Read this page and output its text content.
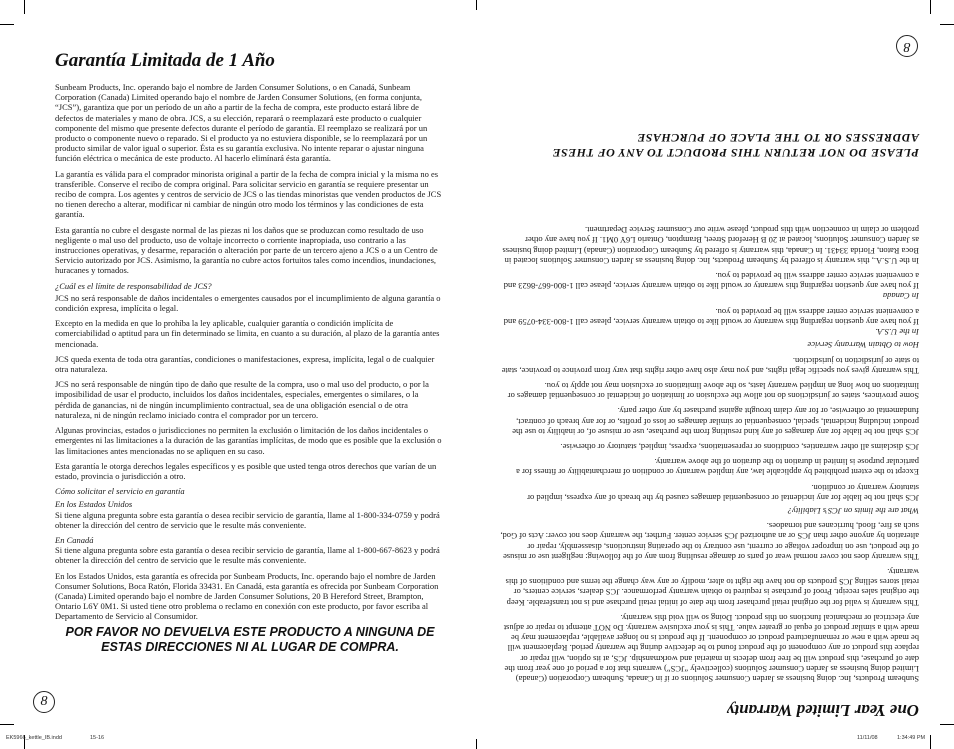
Garantía Limitada de 1 Año

Sunbeam Products, Inc. operando bajo el nombre de Jarden Consumer Solutions, o en Canadá, Sunbeam Corporation (Canada) Limited operando bajo el nombre de Jarden Consumer Solutions, (en forma conjunta, “JCS”), garantiza que por un período de un año a partir de la fecha de compra, este producto estará libre de defectos de materiales y mano de obra. JCS, a su elección, reparará o reemplazará este producto o cualquier componente del mismo que presente defectos durante el período de garantía. El reemplazo se realizará por un producto o componente nuevo o reparado. Si el producto ya no estuviera disponible, se lo reemplazará por un producto similar de valor igual o superior. Ésta es su garantía exclusiva. No intente reparar o ajustar ninguna función eléctrica o mecánica de este producto. Al hacerlo elimínará ésta garantía.

La garantía es válida para el comprador minorista original a partir de la fecha de compra inicial y la misma no es transferible. Conserve el recibo de compra original. Para solicitar servicio en garantía se requiere presentar un recibo de compra. Los agentes y centros de servicio de JCS o las tiendas minoristas que venden productos de JCS no tienen derecho a alterar, modificar ni cambiar de ningún otro modo los términos y las condiciones de esta garantía.

Esta garantía no cubre el desgaste normal de las piezas ni los daños que se produzcan como resultado de uso negligente o mal uso del producto, uso de voltaje incorrecto o corriente inapropiada, uso contrario a las instrucciones operativas, y desarme, reparación o alteración por parte de un tercero ajeno a JCS o a un Centro de Servicio autorizado por JCS. Asimismo, la garantía no cubre actos fortuitos tales como incendios, inundaciones, huracanes y tornados.

¿Cuál es el límite de responsabilidad de JCS?

JCS no será responsable de daños incidentales o emergentes causados por el incumplimiento de alguna garantía o condición expresa, implícita o legal.

Excepto en la medida en que lo prohíba la ley aplicable, cualquier garantía o condición implícita de comerciabilidad o aptitud para un fin determinado se limita, en cuanto a su duración, al plazo de la garantía antes mencionada.

JCS queda exenta de toda otra garantías, condiciones o manifestaciones, expresa, implícita, legal o de cualquier otra naturaleza.

JCS no será responsable de ningún tipo de daño que resulte de la compra, uso o mal uso del producto, o por la imposibilidad de usar el producto, incluidos los daños incidentales, especiales, emergentes o similares, o la pérdida de ganancias, ni de ningún incumplimiento contractual, sea de una obligación esencial o de otra naturaleza, ni de ningún reclamo iniciado contra el comprador por un tercero.

Algunas provincias, estados o jurisdicciones no permiten la exclusión o limitación de los daños incidentales o emergentes ni las limitaciones a la duración de las garantías implícitas, de modo que es posible que la exclusión o las limitaciones antes mencionadas no se apliquen en su caso.

Esta garantía le otorga derechos legales específicos y es posible que usted tenga otros derechos que varían de un estado, provincia o jurisdicción a otro.

Cómo solicitar el servicio en garantía

En los Estados Unidos

Si tiene alguna pregunta sobre esta garantía o desea recibir servicio de garantía, llame al 1-800-334-0759 y podrá obtener la dirección del centro de servicio que le resulte más conveniente.

En Canadá

Si tiene alguna pregunta sobre esta garantía o desea recibir servicio de garantía, llame al 1-800-667-8623 y podrá obtener la dirección del centro de servicio que le resulte más conveniente.

En los Estados Unidos, esta garantía es ofrecida por Sunbeam Products, Inc. operando bajo el nombre de Jarden Consumer Solutions, Boca Ratón, Florida 33431. En Canadá, esta garantía es ofrecida por Sunbeam Corporation (Canada) Limited operando bajo el nombre de Jarden Consumer Solutions, 20 B Hereford Street, Brampton, Ontario L6Y 0M1. Si usted tiene otro problema o reclamo en conexión con este producto, por favor escriba al Departamento de Servicio al Consumidor.

POR FAVOR NO DEVUELVA ESTE PRODUCTO A NINGUNA DE ESTAS DIRECCIONES NI AL LUGAR DE COMPRA.
8
EK5966_kettle_IB.indd	15-16
8
One Year Limited Warranty

Sunbeam Products, Inc. doing business as Jarden Consumer Solutions or if in Canada, Sunbeam Corporation (Canada) Limited doing business as Jarden Consumer Solutions (collectively “JCS”) warrants that for a period of one year from the date of purchase, this product will be free from defects in material and workmanship. JCS, at its option, will repair or replace this product or any component of the product found to be defective during the warranty period. Replacement will be made with a new or remanufactured product or component. If the product is no longer available, replacement may be made with a similar product of equal or greater value. This is your exclusive warranty. Do NOT attempt to repair or adjust any electrical or mechanical functions on this product. Doing so will void this warranty.

This warranty is valid for the original retail purchaser from the date of initial retail purchase and is not transferable. Keep the original sales receipt. Proof of purchase is required to obtain warranty performance. JCS dealers, service centers, or retail stores selling JCS products do not have the right to alter, modify or any way change the terms and conditions of this warranty.

This warranty does not cover normal wear of parts or damage resulting from any of the following: negligent use or misuse of the product, use on improper voltage or current, use contrary to the operating instructions, disassembly, repair or alteration by anyone other than JCS or an authorized JCS service center. Further, the warranty does not cover: Acts of God, such as fire, flood, hurricanes and tornadoes.

What are the limits on JCS’s Liability?

JCS shall not be liable for any incidental or consequential damages caused by the breach of any express, implied or statutory warranty or condition.

Except to the extent prohibited by applicable law, any implied warranty or condition of merchantability or fitness for a particular purpose is limited in duration to the duration of the above warranty.

JCS disclaims all other warranties, conditions or representations, express, implied, statutory or otherwise.

JCS shall not be liable for any damages of any kind resulting from the purchase, use or misuse of, or inability to use the product including incidental, special, consequential or similar damages or loss of profits, or for any breach of contract, fundamental or otherwise, or for any claim brought against purchaser by any other party.

Some provinces, states or jurisdictions do not allow the exclusion or limitation of incidental or consequential damages or limitations on how long an implied warranty lasts, so the above limitations or exclusion may not apply to you.

This warranty gives you specific legal rights, and you may also have other rights that vary from province to province, state to state or jurisdiction to jurisdiction.

How to Obtain Warranty Service

In the U.S.A.

If you have any question regarding this warranty or would like to obtain warranty service, please call 1-800-334-0759 and a convenient service center address will be provided to you.

In Canada

If you have any question regarding this warranty or would like to obtain warranty service, please call 1-800-667-8623 and a convenient service center address will be provided to you.

In the U.S.A., this warranty is offered by Sunbeam Products, Inc. doing business as Jarden Consumer Solutions located in Boca Raton, Florida 33431. In Canada, this warranty is offered by Sunbeam Corporation (Canada) Limited doing business as Jarden Consumer Solutions, located at 20 B Hereford Street, Brampton, Ontario L6Y 0M1. If you have any other problem or claim in connection with this product, please write our Consumer Service Department.

PLEASE DO NOT RETURN THIS PRODUCT TO ANY OF THESE ADDRESSES OR TO THE PLACE OF PURCHASE
11/11/08	1:34:49 PM
